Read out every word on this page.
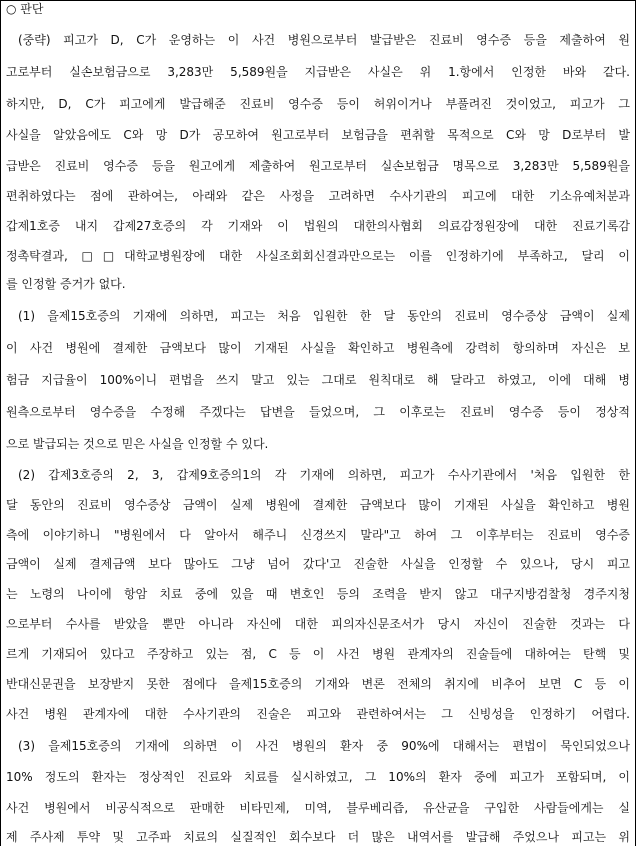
○ 판단
(중략) 피고가 D, C가 운영하는 이 사건 병원으로부터 발급받은 진료비 영수증 등을 제출하여 원
고로부터 실손보험금으로 3,283만 5,589원을 지급받은 사실은 위 1.항에서 인정한 바와 같다.
하지만, D, C가 피고에게 발급해준 진료비 영수증 등이 허위이거나 부풀려진 것이었고, 피고가 그
사실을 알았음에도 C와 망 D가 공모하여 원고로부터 보험금을 편취할 목적으로 C와 망 D로부터 발
급받은 진료비 영수증 등을 원고에게 제출하여 원고로부터 실손보험금 명목으로 3,283만 5,589원을
편취하였다는 점에 관하여는, 아래와 같은 사정을 고려하면 수사기관의 피고에 대한 기소유예처분과
갑제1호증 내지 갑제27호증의 각 기재와 이 법원의 대한의사협회 의료감정원장에 대한 진료기록감
정촉탁결과, □□대학교병원장에 대한 사실조회회신결과만으로는 이를 인정하기에 부족하고, 달리 이
를 인정할 증거가 없다.
(1) 을제15호증의 기재에 의하면, 피고는 처음 입원한 한 달 동안의 진료비 영수증상 금액이 실제
이 사건 병원에 결제한 금액보다 많이 기재된 사실을 확인하고 병원측에 강력히 항의하며 자신은 보
험금 지급율이 100%이니 편법을 쓰지 말고 있는 그대로 원칙대로 해 달라고 하였고, 이에 대해 병
원측으로부터 영수증을 수정해 주겠다는 답변을 들었으며, 그 이후로는 진료비 영수증 등이 정상적
으로 발급되는 것으로 믿은 사실을 인정할 수 있다.
(2) 갑제3호증의 2, 3, 갑제9호증의1의 각 기재에 의하면, 피고가 수사기관에서 '처음 입원한 한
달 동안의 진료비 영수증상 금액이 실제 병원에 결제한 금액보다 많이 기재된 사실을 확인하고 병원
측에 이야기하니 "병원에서 다 알아서 해주니 신경쓰지 말라"고 하여 그 이후부터는 진료비 영수증
금액이 실제 결제금액 보다 많아도 그냥 넘어 갔다'고 진술한 사실을 인정할 수 있으나, 당시 피고
는 노령의 나이에 항암 치료 중에 있을 때 변호인 등의 조력을 받지 않고 대구지방검찰청 경주지청
으로부터 수사를 받았을 뿐만 아니라 자신에 대한 피의자신문조서가 당시 자신이 진술한 것과는 다
르게 기재되어 있다고 주장하고 있는 점, C 등 이 사건 병원 관계자의 진술들에 대하여는 탄핵 및
반대신문권을 보장받지 못한 점에다 을제15호증의 기재와 변론 전체의 취지에 비추어 보면 C 등 이
사건 병원 관계자에 대한 수사기관의 진술은 피고와 관련하여서는 그 신빙성을 인정하기 어렵다.
(3) 을제15호증의 기재에 의하면 이 사건 병원의 환자 중 90%에 대해서는 편법이 묵인되었으나
10% 정도의 환자는 정상적인 진료와 치료를 실시하였고, 그 10%의 환자 중에 피고가 포함되며, 이
사건 병원에서 비공식적으로 판매한 비타민제, 미역, 블루베리즙, 유산균을 구입한 사람들에게는 실
제 주사제 투약 및 고주파 치료의 실질적인 회수보다 더 많은 내역서를 발급해 주었으나 피고는 위
